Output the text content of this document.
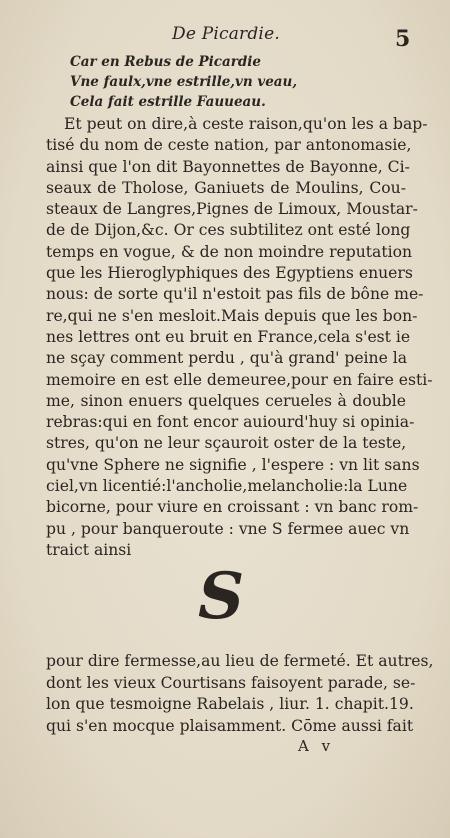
De Picardie.	5
Car en Rebus de Picardie
Vne faulx,vne estrille,vn veau,
Cela fait estrille Fauueau.
Et peut on dire,à ceste raison,qu'on les a bap-
tisé du nom de ceste nation, par antonomasie,
ainsi que l'on dit Bayonnettes de Bayonne, Ci-
seaux de Tholose, Ganiuets de Moulins, Cou-
steaux de Langres,Pignes de Limoux, Moustar-
de de Dijon,&c. Or ces subtilitez ont esté long
temps en vogue, & de non moindre reputation
que les Hieroglyphiques des Egyptiens enuers
nous: de sorte qu'il n'estoit pas fils de bône me-
re,qui ne s'en mesloit.Mais depuis que les bon-
nes lettres ont eu bruit en France,cela s'est ie
ne sçay comment perdu , qu'à grand' peine la
memoire en est elle demeuree,pour en faire esti-
me, sinon enuers quelques cerueles à double
rebras:qui en font encor auiourd'huy si opinia-
stres, qu'on ne leur sçauroit oster de la teste,
qu'vne Sphere ne signifie , l'espere : vn lit sans
ciel,vn licentié:l'ancholie,melancholie:la Lune
bicorne, pour viure en croissant : vn banc rom-
pu , pour banqueroute : vne S fermee auec vn
traict ainsi
S
pour dire fermesse,au lieu de fermeté. Et autres,
dont les vieux Courtisans faisoyent parade, se-
lon que tesmoigne Rabelais , liur. 1. chapit.19.
qui s'en mocque plaisamment. Cōme aussi fait
A v
